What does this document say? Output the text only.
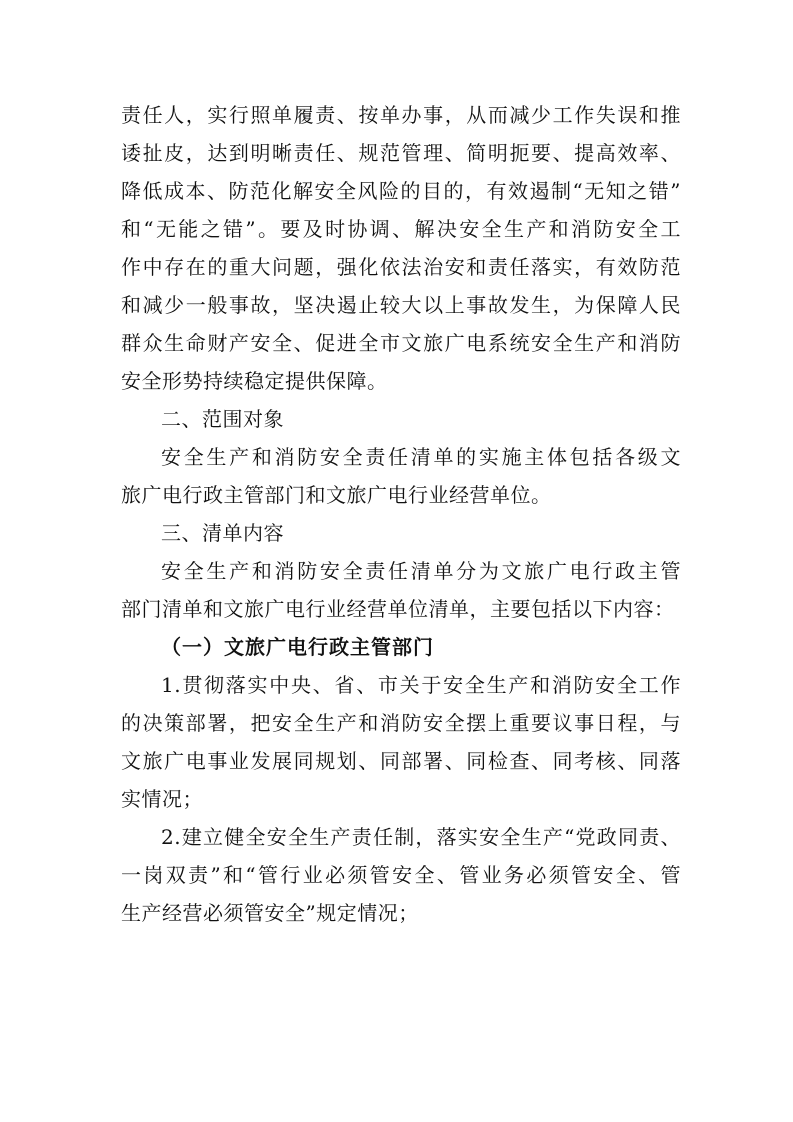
责任人，实行照单履责、按单办事，从而减少工作失误和推
诿扯皮，达到明晰责任、规范管理、简明扼要、提高效率、
降低成本、防范化解安全风险的目的，有效遏制“无知之错”
和“无能之错”。要及时协调、解决安全生产和消防安全工
作中存在的重大问题，强化依法治安和责任落实，有效防范
和减少一般事故，坚决遏止较大以上事故发生，为保障人民
群众生命财产安全、促进全市文旅广电系统安全生产和消防
安全形势持续稳定提供保障。
二、范围对象
安全生产和消防安全责任清单的实施主体包括各级文
旅广电行政主管部门和文旅广电行业经营单位。
三、清单内容
安全生产和消防安全责任清单分为文旅广电行政主管
部门清单和文旅广电行业经营单位清单，主要包括以下内容：
（一）文旅广电行政主管部门
1.贯彻落实中央、省、市关于安全生产和消防安全工作
的决策部署，把安全生产和消防安全摆上重要议事日程，与
文旅广电事业发展同规划、同部署、同检查、同考核、同落
实情况；
2.建立健全安全生产责任制，落实安全生产“党政同责、
一岗双责”和“管行业必须管安全、管业务必须管安全、管
生产经营必须管安全”规定情况；
